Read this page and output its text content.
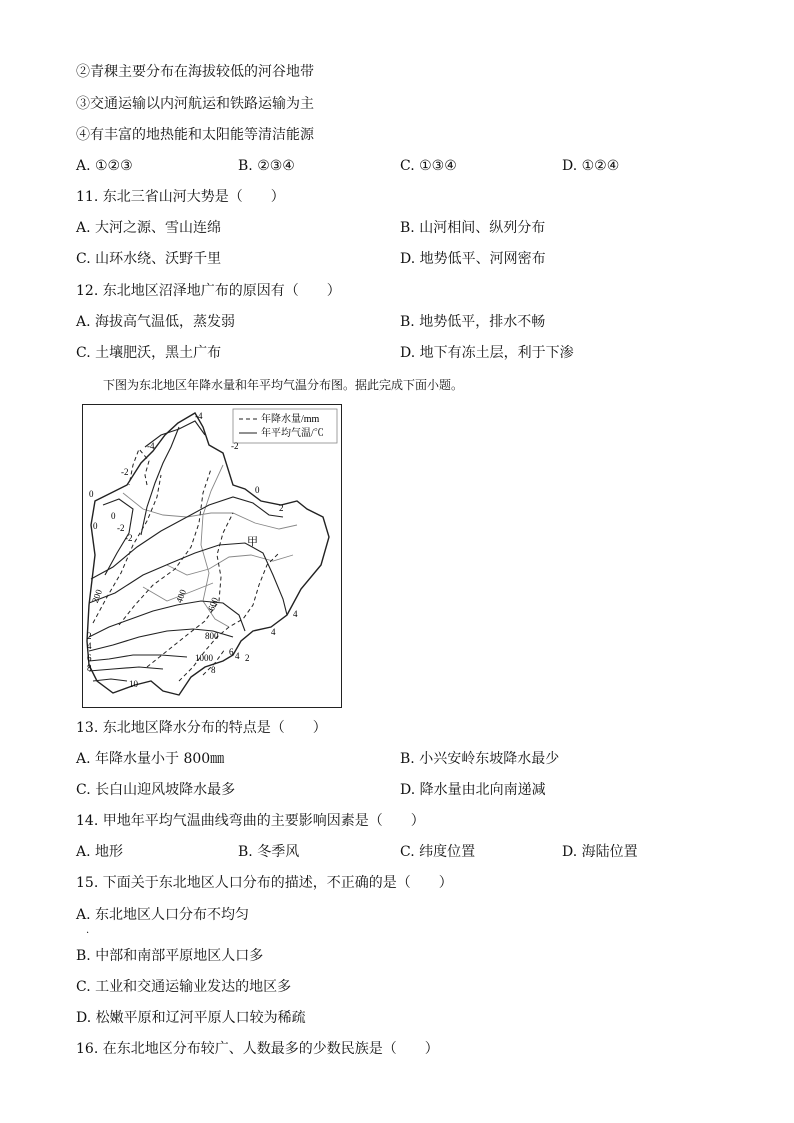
②青稞主要分布在海拔较低的河谷地带
③交通运输以内河航运和铁路运输为主
④有丰富的地热能和太阳能等清洁能源
A. ①②③	B. ②③④	C. ①③④	D. ①②④
11. 东北三省山河大势是（　　）
A. 大河之源、雪山连绵	B. 山河相间、纵列分布
C. 山环水绕、沃野千里	D. 地势低平、河网密布
12. 东北地区沼泽地广布的原因有（　　）
A. 海拔高气温低，蒸发弱	B. 地势低平，排水不畅
C. 土壤肥沃，黑土广布	D. 地下有冻土层，利于下渗
下图为东北地区年降水量和年平均气温分布图。据此完成下面小题。
年降水量/mm
年平均气温/℃
甲
-4
-4	-2
-2
-2
-2
0
0
0
0
2
2
2
4
4
4
4
6
6
8	8
10
200	400 600
800
1000
13. 东北地区降水分布的特点是（　　）
A. 年降水量小于 800㎜	B. 小兴安岭东坡降水最少
C. 长白山迎风坡降水最多	D. 降水量由北向南递减
14. 甲地年平均气温曲线弯曲的主要影响因素是（　　）
A. 地形	B. 冬季风	C. 纬度位置	D. 海陆位置
15. 下面关于东北地区人口分布的描述，不正确的是（　　）
A. 东北地区人口分布不均匀
.
B. 中部和南部平原地区人口多
C. 工业和交通运输业发达的地区多
D. 松嫩平原和辽河平原人口较为稀疏
16. 在东北地区分布较广、人数最多的少数民族是（　　）
